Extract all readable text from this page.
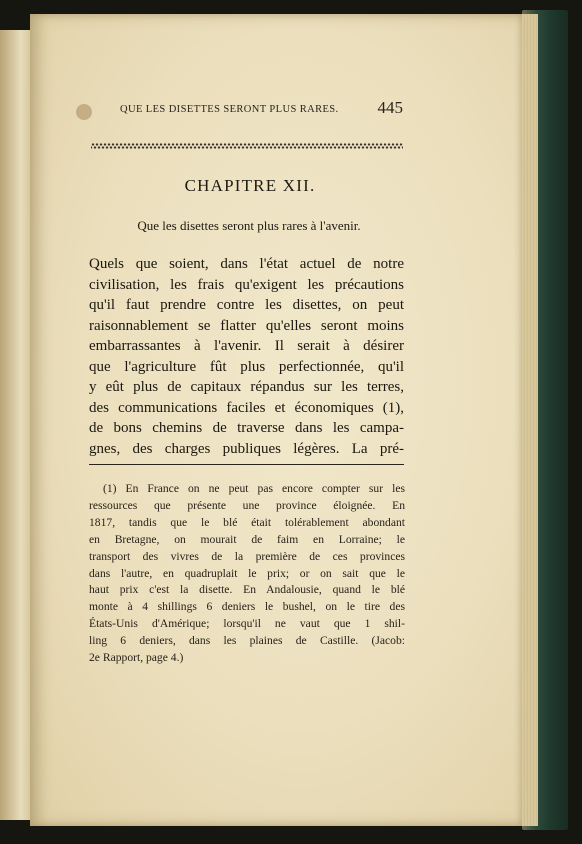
QUE LES DISETTES SERONT PLUS RARES. 445
CHAPITRE XII.
Que les disettes seront plus rares à l'avenir.
Quels que soient, dans l'état actuel de notre
civilisation, les frais qu'exigent les précautions
qu'il faut prendre contre les disettes, on peut
raisonnablement se flatter qu'elles seront moins
embarrassantes à l'avenir. Il serait à désirer
que l'agriculture fût plus perfectionnée, qu'il
y eût plus de capitaux répandus sur les terres,
des communications faciles et économiques (1),
de bons chemins de traverse dans les campa-
gnes, des charges publiques légères. La pré-
(1) En France on ne peut pas encore compter sur les
ressources que présente une province éloignée. En
1817, tandis que le blé était tolérablement abondant
en Bretagne, on mourait de faim en Lorraine; le
transport des vivres de la première de ces provinces
dans l'autre, en quadruplait le prix; or on sait que le
haut prix c'est la disette. En Andalousie, quand le blé
monte à 4 shillings 6 deniers le bushel, on le tire des
États-Unis d'Amérique; lorsqu'il ne vaut que 1 shil-
ling 6 deniers, dans les plaines de Castille. (Jacob:
2e Rapport, page 4.)
